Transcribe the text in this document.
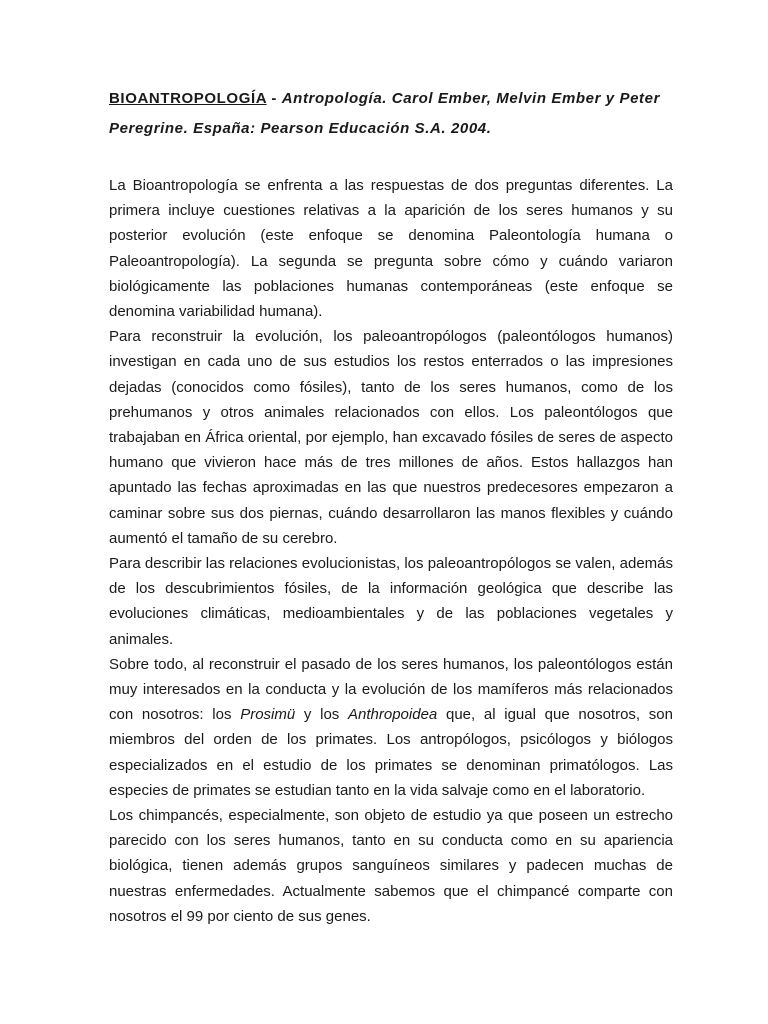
BIOANTROPOLOGÍA - Antropología. Carol Ember, Melvin Ember y Peter Peregrine. España: Pearson Educación S.A. 2004.

La Bioantropología se enfrenta a las respuestas de dos preguntas diferentes. La primera incluye cuestiones relativas a la aparición de los seres humanos y su posterior evolución (este enfoque se denomina Paleontología humana o Paleoantropología). La segunda se pregunta sobre cómo y cuándo variaron biológicamente las poblaciones humanas contemporáneas (este enfoque se denomina variabilidad humana).

Para reconstruir la evolución, los paleoantropólogos (paleontólogos humanos) investigan en cada uno de sus estudios los restos enterrados o las impresiones dejadas (conocidos como fósiles), tanto de los seres humanos, como de los prehumanos y otros animales relacionados con ellos. Los paleontólogos que trabajaban en África oriental, por ejemplo, han excavado fósiles de seres de aspecto humano que vivieron hace más de tres millones de años. Estos hallazgos han apuntado las fechas aproximadas en las que nuestros predecesores empezaron a caminar sobre sus dos piernas, cuándo desarrollaron las manos flexibles y cuándo aumentó el tamaño de su cerebro.

Para describir las relaciones evolucionistas, los paleoantropólogos se valen, además de los descubrimientos fósiles, de la información geológica que describe las evoluciones climáticas, medioambientales y de las poblaciones vegetales y animales.

Sobre todo, al reconstruir el pasado de los seres humanos, los paleontólogos están muy interesados en la conducta y la evolución de los mamíferos más relacionados con nosotros: los Prosimü y los Anthropoidea que, al igual que nosotros, son miembros del orden de los primates. Los antropólogos, psicólogos y biólogos especializados en el estudio de los primates se denominan primatólogos. Las especies de primates se estudian tanto en la vida salvaje como en el laboratorio.

Los chimpancés, especialmente, son objeto de estudio ya que poseen un estrecho parecido con los seres humanos, tanto en su conducta como en su apariencia biológica, tienen además grupos sanguíneos similares y padecen muchas de nuestras enfermedades. Actualmente sabemos que el chimpancé comparte con nosotros el 99 por ciento de sus genes.
